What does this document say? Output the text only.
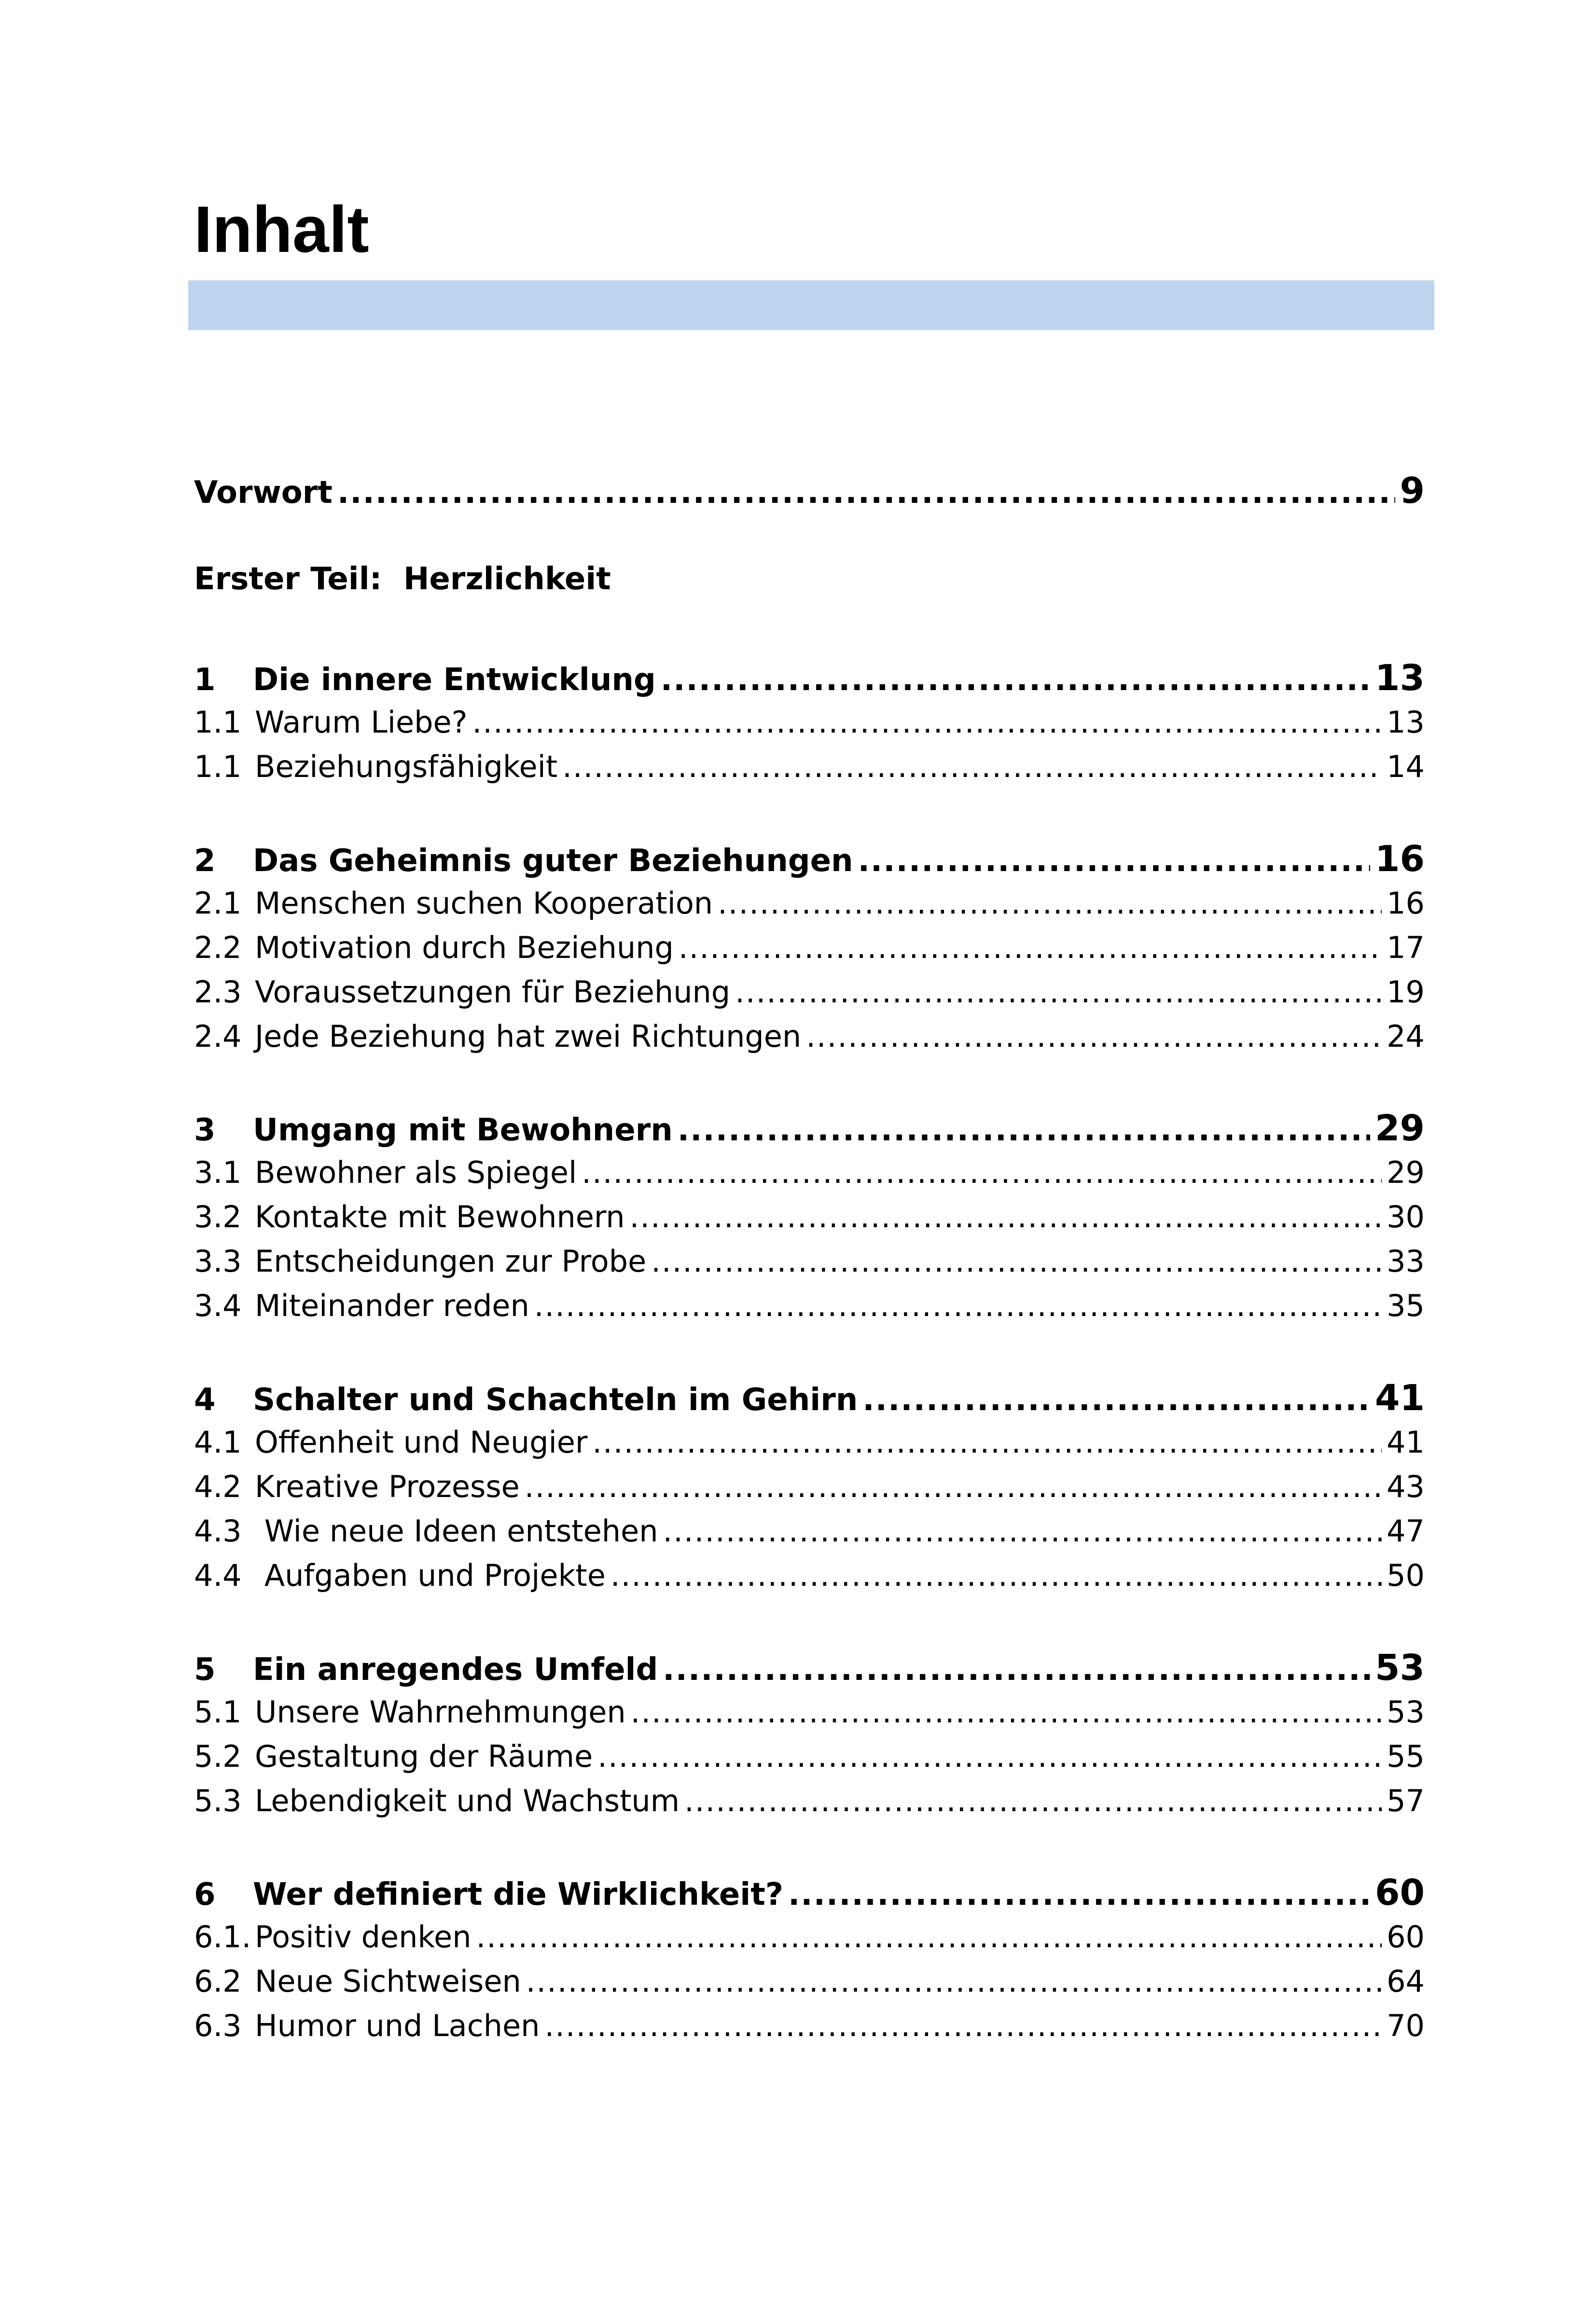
Inhalt
Vorwort .....	9
Erster Teil:  Herzlichkeit
1	Die innere Entwicklung .....	13
1.1 Warum Liebe? .....	13
1.1 Beziehungsfähigkeit .....	14
2	Das Geheimnis guter Beziehungen .....	16
2.1 Menschen suchen Kooperation .....	16
2.2 Motivation durch Beziehung .....	17
2.3 Voraussetzungen für Beziehung .....	19
2.4 Jede Beziehung hat zwei Richtungen .....	24
3	Umgang mit Bewohnern .....	29
3.1 Bewohner als Spiegel .....	29
3.2 Kontakte mit Bewohnern .....	30
3.3 Entscheidungen zur Probe .....	33
3.4 Miteinander reden .....	35
4	Schalter und Schachteln im Gehirn .....	41
4.1 Offenheit und Neugier .....	41
4.2 Kreative Prozesse .....	43
4.3 Wie neue Ideen entstehen .....	47
4.4 Aufgaben und Projekte .....	50
5	Ein anregendes Umfeld .....	53
5.1 Unsere Wahrnehmungen .....	53
5.2 Gestaltung der Räume .....	55
5.3 Lebendigkeit und Wachstum .....	57
6	Wer definiert die Wirklichkeit? .....	60
6.1. Positiv denken .....	60
6.2 Neue Sichtweisen .....	64
6.3 Humor und Lachen .....	70
